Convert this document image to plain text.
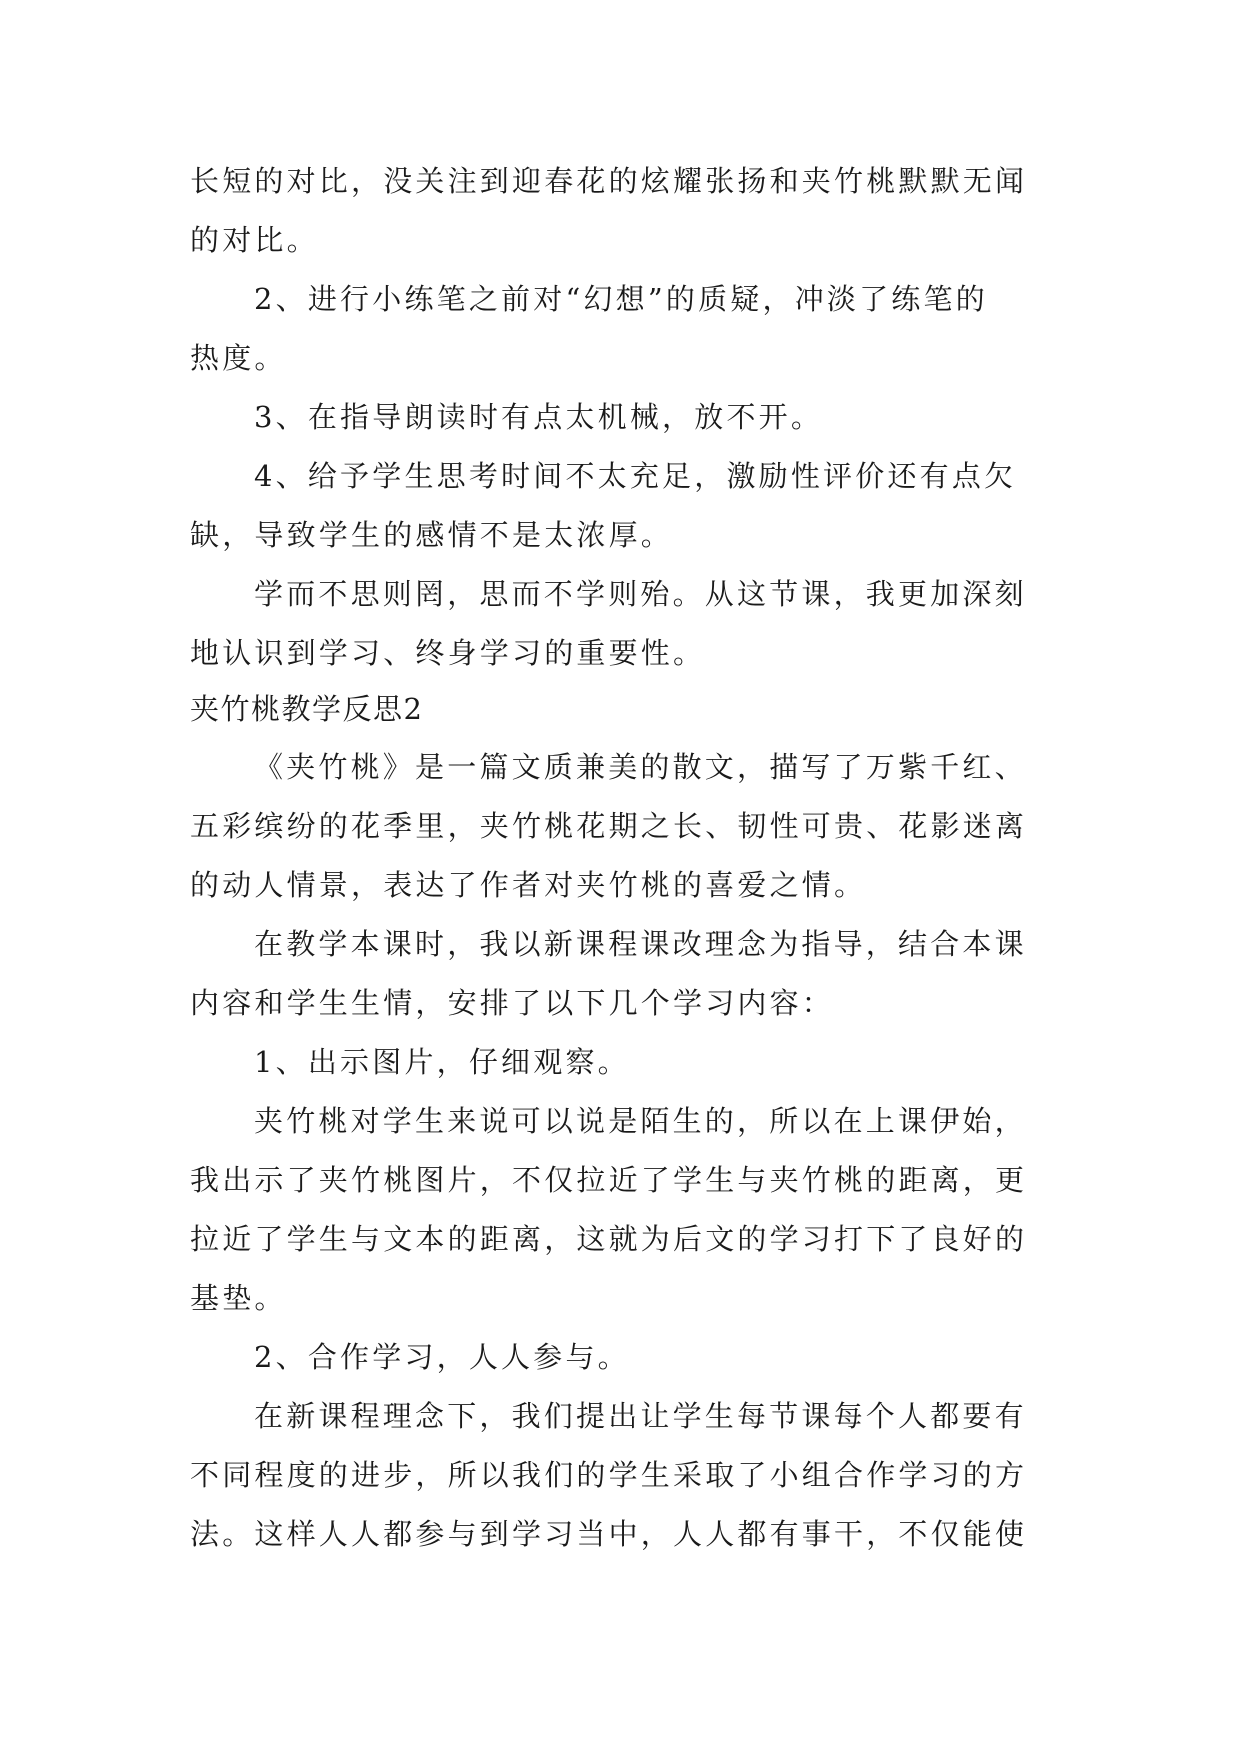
长短的对比，没关注到迎春花的炫耀张扬和夹竹桃默默无闻
的对比。
2、进行小练笔之前对“幻想”的质疑，冲淡了练笔的
热度。
3、在指导朗读时有点太机械，放不开。
4、给予学生思考时间不太充足，激励性评价还有点欠
缺，导致学生的感情不是太浓厚。
学而不思则罔，思而不学则殆。从这节课，我更加深刻
地认识到学习、终身学习的重要性。
夹竹桃教学反思2
《夹竹桃》是一篇文质兼美的散文，描写了万紫千红、
五彩缤纷的花季里，夹竹桃花期之长、韧性可贵、花影迷离
的动人情景，表达了作者对夹竹桃的喜爱之情。
在教学本课时，我以新课程课改理念为指导，结合本课
内容和学生生情，安排了以下几个学习内容：
1、出示图片，仔细观察。
夹竹桃对学生来说可以说是陌生的，所以在上课伊始，
我出示了夹竹桃图片，不仅拉近了学生与夹竹桃的距离，更
拉近了学生与文本的距离，这就为后文的学习打下了良好的
基垫。
2、合作学习，人人参与。
在新课程理念下，我们提出让学生每节课每个人都要有
不同程度的进步，所以我们的学生采取了小组合作学习的方
法。这样人人都参与到学习当中，人人都有事干，不仅能使
